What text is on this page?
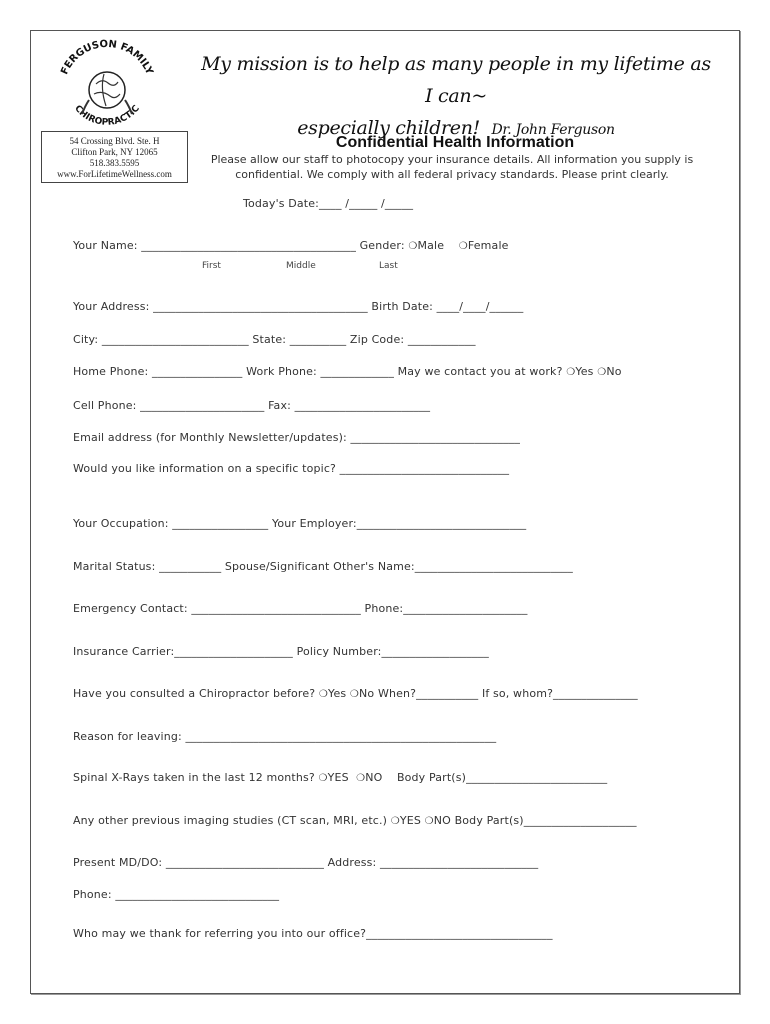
FERGUSON FAMILY
CHIROPRACTIC
My mission is to help as many people in my lifetime as I can~
especially children! Dr. John Ferguson
54 Crossing Blvd. Ste. H
Clifton Park, NY 12065
518.383.5595
www.ForLifetimeWellness.com
Confidential Health Information
Please allow our staff to photocopy your insurance details. All information you supply is
confidential. We comply with all federal privacy standards. Please print clearly.
Today's Date:____ /_____ /_____
Your Name: ______________________________________ Gender: ❍Male ❍Female
First	Middle	Last
Your Address: ______________________________________ Birth Date: ____/____/______
City: __________________________ State: __________ Zip Code: ____________
Home Phone: ________________ Work Phone: _____________ May we contact you at work? ❍Yes ❍No
Cell Phone: ______________________ Fax: ________________________
Email address (for Monthly Newsletter/updates): ______________________________
Would you like information on a specific topic? ______________________________
Your Occupation: _________________ Your Employer:______________________________
Marital Status: ___________ Spouse/Significant Other's Name:____________________________
Emergency Contact: ______________________________ Phone:______________________
Insurance Carrier:_____________________ Policy Number:___________________
Have you consulted a Chiropractor before? ❍Yes ❍No When?___________ If so, whom?_______________
Reason for leaving: _______________________________________________________
Spinal X-Rays taken in the last 12 months? ❍YES ❍NO Body Part(s)_________________________
Any other previous imaging studies (CT scan, MRI, etc.) ❍YES ❍NO Body Part(s)____________________
Present MD/DO: ____________________________ Address: ____________________________
Phone: _____________________________
Who may we thank for referring you into our office?_________________________________
